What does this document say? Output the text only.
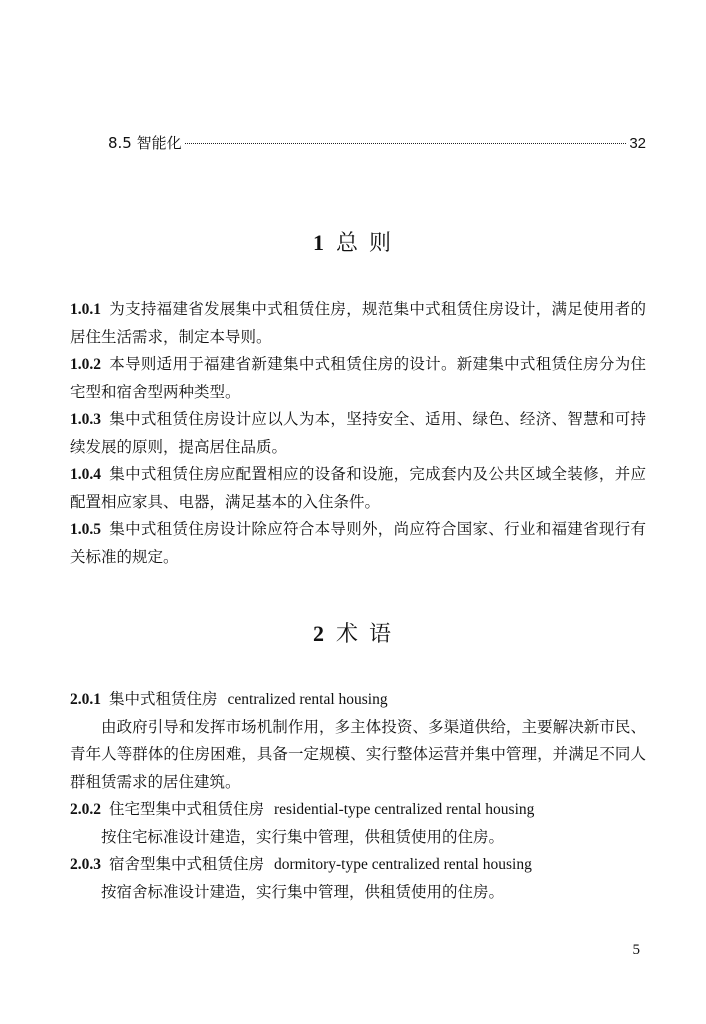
8.5 智能化	32
1 总 则

1.0.1 为支持福建省发展集中式租赁住房，规范集中式租赁住房设计，满足使用者的居住生活需求，制定本导则。

1.0.2 本导则适用于福建省新建集中式租赁住房的设计。新建集中式租赁住房分为住宅型和宿舍型两种类型。

1.0.3 集中式租赁住房设计应以人为本，坚持安全、适用、绿色、经济、智慧和可持续发展的原则，提高居住品质。

1.0.4 集中式租赁住房应配置相应的设备和设施，完成套内及公共区域全装修，并应配置相应家具、电器，满足基本的入住条件。

1.0.5 集中式租赁住房设计除应符合本导则外，尚应符合国家、行业和福建省现行有关标准的规定。

2 术 语

2.0.1 集中式租赁住房 centralized rental housing

由政府引导和发挥市场机制作用，多主体投资、多渠道供给，主要解决新市民、青年人等群体的住房困难，具备一定规模、实行整体运营并集中管理，并满足不同人群租赁需求的居住建筑。

2.0.2 住宅型集中式租赁住房 residential-type centralized rental housing

按住宅标准设计建造，实行集中管理，供租赁使用的住房。

2.0.3 宿舍型集中式租赁住房 dormitory-type centralized rental housing

按宿舍标准设计建造，实行集中管理，供租赁使用的住房。

5
